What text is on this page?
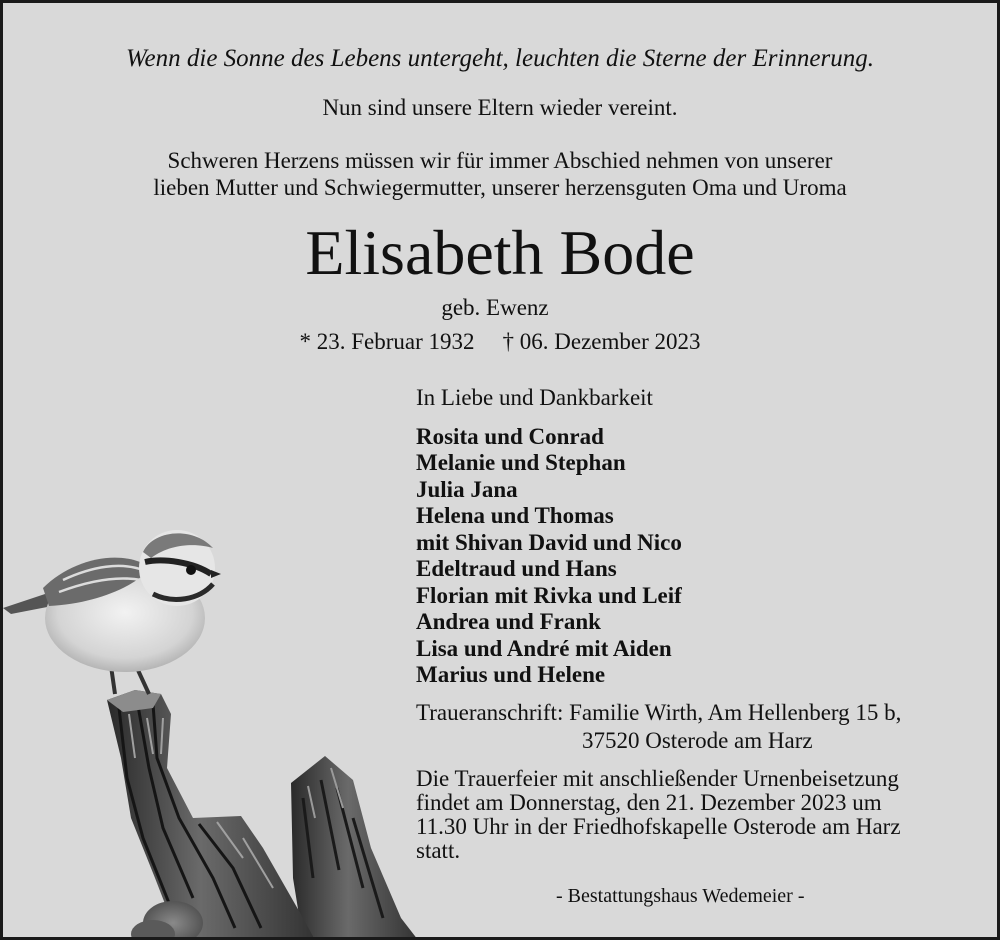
Wenn die Sonne des Lebens untergeht, leuchten die Sterne der Erinnerung.
Nun sind unsere Eltern wieder vereint.
Schweren Herzens müssen wir für immer Abschied nehmen von unserer
lieben Mutter und Schwiegermutter, unserer herzensguten Oma und Uroma
Elisabeth Bode
geb. Ewenz
* 23. Februar 1932 † 06. Dezember 2023
In Liebe und Dankbarkeit
Rosita und Conrad
Melanie und Stephan
Julia Jana
Helena und Thomas
mit Shivan David und Nico
Edeltraud und Hans
Florian mit Rivka und Leif
Andrea und Frank
Lisa und André mit Aiden
Marius und Helene
Traueranschrift: Familie Wirth, Am Hellenberg 15 b,
37520 Osterode am Harz
Die Trauerfeier mit anschließender Urnenbeisetzung
findet am Donnerstag, den 21. Dezember 2023 um
11.30 Uhr in der Friedhofskapelle Osterode am Harz
statt.
- Bestattungshaus Wedemeier -
